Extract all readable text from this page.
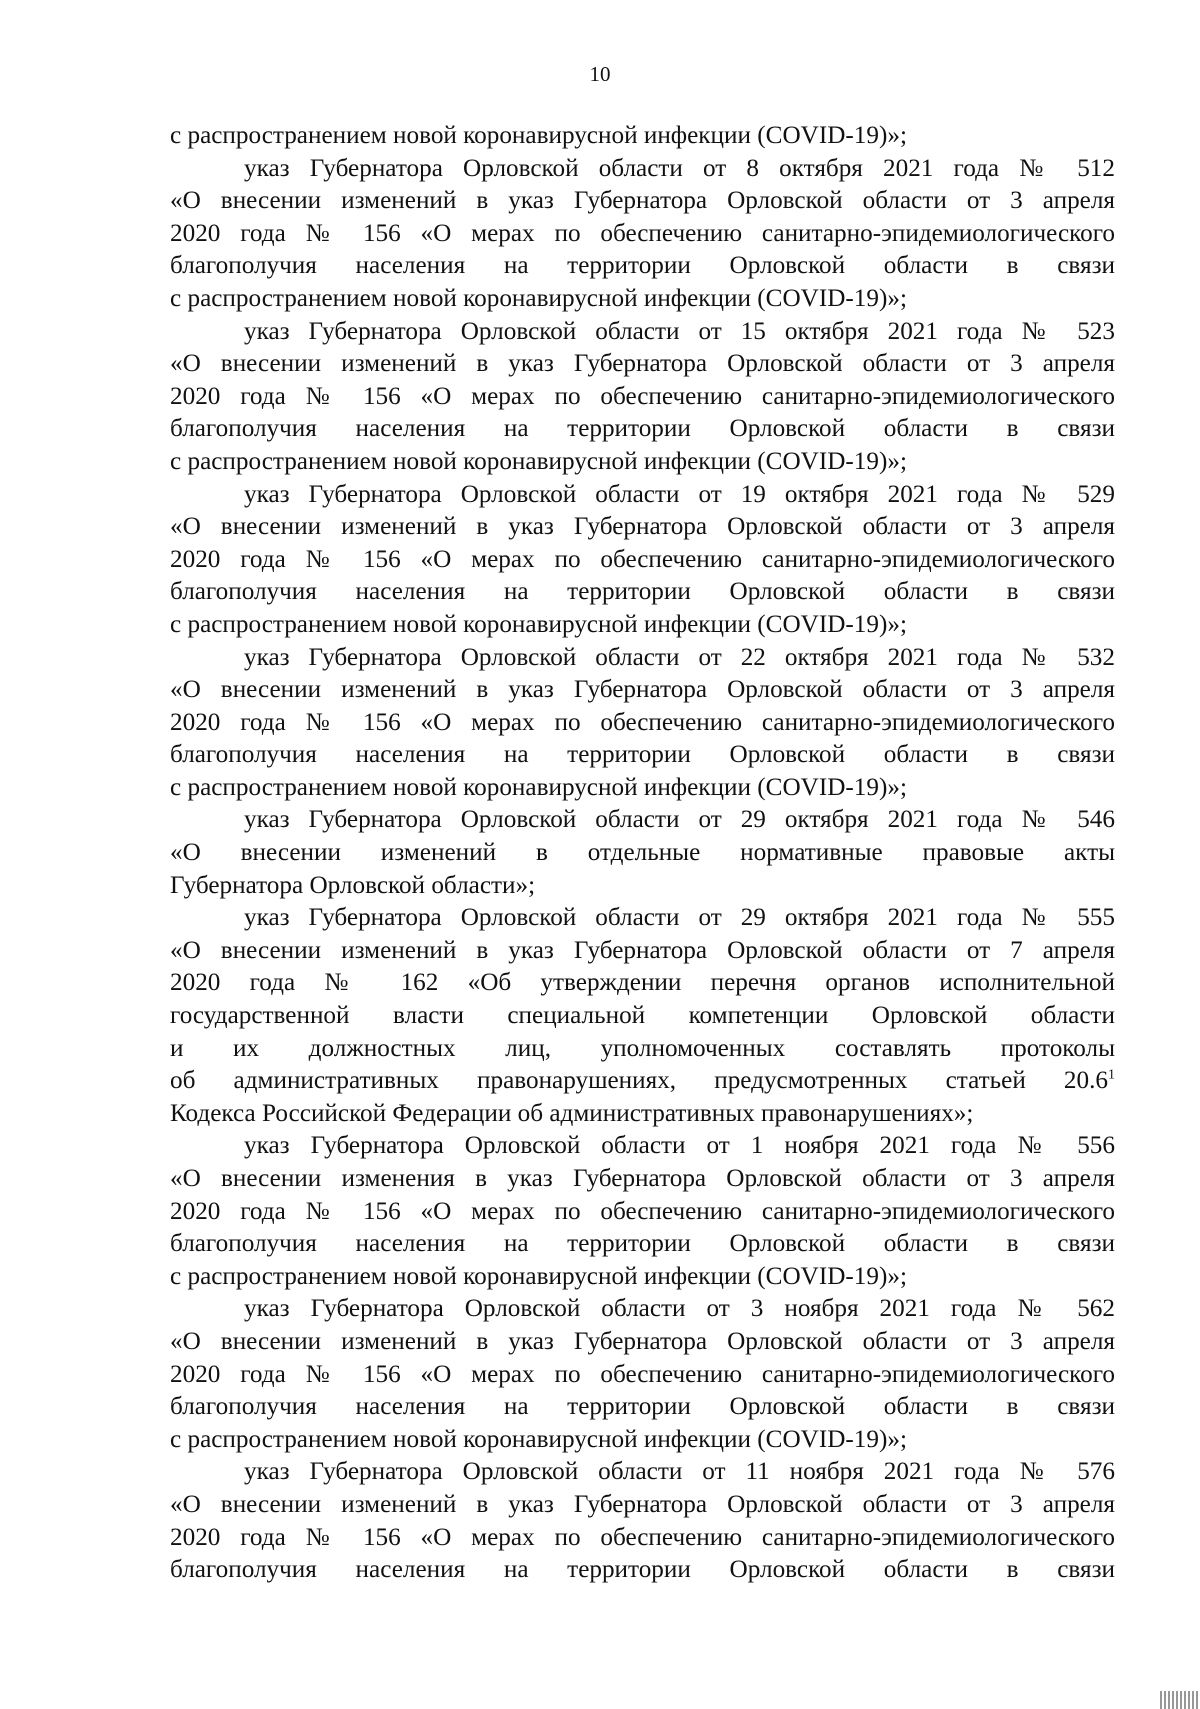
10
с распространением новой коронавирусной инфекции (COVID-19)»;
указ Губернатора Орловской области от 8 октября 2021 года № 512
«О внесении изменений в указ Губернатора Орловской области от 3 апреля
2020 года № 156 «О мерах по обеспечению санитарно-эпидемиологического
благополучия населения на территории Орловской области в связи
с распространением новой коронавирусной инфекции (COVID-19)»;
указ Губернатора Орловской области от 15 октября 2021 года № 523
«О внесении изменений в указ Губернатора Орловской области от 3 апреля
2020 года № 156 «О мерах по обеспечению санитарно-эпидемиологического
благополучия населения на территории Орловской области в связи
с распространением новой коронавирусной инфекции (COVID-19)»;
указ Губернатора Орловской области от 19 октября 2021 года № 529
«О внесении изменений в указ Губернатора Орловской области от 3 апреля
2020 года № 156 «О мерах по обеспечению санитарно-эпидемиологического
благополучия населения на территории Орловской области в связи
с распространением новой коронавирусной инфекции (COVID-19)»;
указ Губернатора Орловской области от 22 октября 2021 года № 532
«О внесении изменений в указ Губернатора Орловской области от 3 апреля
2020 года № 156 «О мерах по обеспечению санитарно-эпидемиологического
благополучия населения на территории Орловской области в связи
с распространением новой коронавирусной инфекции (COVID-19)»;
указ Губернатора Орловской области от 29 октября 2021 года № 546
«О внесении изменений в отдельные нормативные правовые акты
Губернатора Орловской области»;
указ Губернатора Орловской области от 29 октября 2021 года № 555
«О внесении изменений в указ Губернатора Орловской области от 7 апреля
2020 года № 162 «Об утверждении перечня органов исполнительной
государственной власти специальной компетенции Орловской области
и их должностных лиц, уполномоченных составлять протоколы
об административных правонарушениях, предусмотренных статьей 20.6$^1$
Кодекса Российской Федерации об административных правонарушениях»;
указ Губернатора Орловской области от 1 ноября 2021 года № 556
«О внесении изменения в указ Губернатора Орловской области от 3 апреля
2020 года № 156 «О мерах по обеспечению санитарно-эпидемиологического
благополучия населения на территории Орловской области в связи
с распространением новой коронавирусной инфекции (COVID-19)»;
указ Губернатора Орловской области от 3 ноября 2021 года № 562
«О внесении изменений в указ Губернатора Орловской области от 3 апреля
2020 года № 156 «О мерах по обеспечению санитарно-эпидемиологического
благополучия населения на территории Орловской области в связи
с распространением новой коронавирусной инфекции (COVID-19)»;
указ Губернатора Орловской области от 11 ноября 2021 года № 576
«О внесении изменений в указ Губернатора Орловской области от 3 апреля
2020 года № 156 «О мерах по обеспечению санитарно-эпидемиологического
благополучия населения на территории Орловской области в связи
